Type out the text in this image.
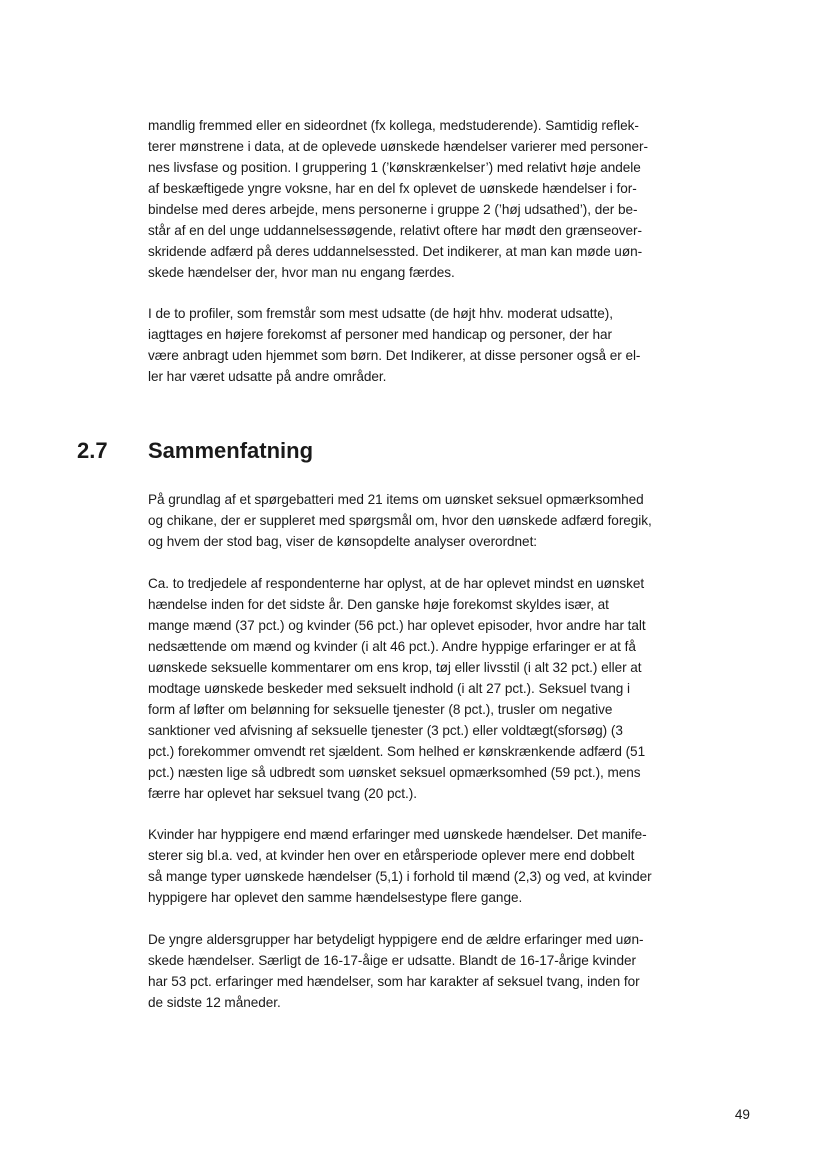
mandlig fremmed eller en sideordnet (fx kollega, medstuderende). Samtidig reflek-
terer mønstrene i data, at de oplevede uønskede hændelser varierer med personer-
nes livsfase og position. I gruppering 1 (’kønskrænkelser’) med relativt høje andele
af beskæftigede yngre voksne, har en del fx oplevet de uønskede hændelser i for-
bindelse med deres arbejde, mens personerne i gruppe 2 (’høj udsathed’), der be-
står af en del unge uddannelsessøgende, relativt oftere har mødt den grænseover-
skridende adfærd på deres uddannelsessted. Det indikerer, at man kan møde uøn-
skede hændelser der, hvor man nu engang færdes.

I de to profiler, som fremstår som mest udsatte (de højt hhv. moderat udsatte),
iagttages en højere forekomst af personer med handicap og personer, der har
være anbragt uden hjemmet som børn. Det Indikerer, at disse personer også er el-
ler har været udsatte på andre områder.

2.7 Sammenfatning

På grundlag af et spørgebatteri med 21 items om uønsket seksuel opmærksomhed
og chikane, der er suppleret med spørgsmål om, hvor den uønskede adfærd foregik,
og hvem der stod bag, viser de kønsopdelte analyser overordnet:

Ca. to tredjedele af respondenterne har oplyst, at de har oplevet mindst en uønsket
hændelse inden for det sidste år. Den ganske høje forekomst skyldes især, at
mange mænd (37 pct.) og kvinder (56 pct.) har oplevet episoder, hvor andre har talt
nedsættende om mænd og kvinder (i alt 46 pct.). Andre hyppige erfaringer er at få
uønskede seksuelle kommentarer om ens krop, tøj eller livsstil (i alt 32 pct.) eller at
modtage uønskede beskeder med seksuelt indhold (i alt 27 pct.). Seksuel tvang i
form af løfter om belønning for seksuelle tjenester (8 pct.), trusler om negative
sanktioner ved afvisning af seksuelle tjenester (3 pct.) eller voldtægt(sforsøg) (3
pct.) forekommer omvendt ret sjældent. Som helhed er kønskrænkende adfærd (51
pct.) næsten lige så udbredt som uønsket seksuel opmærksomhed (59 pct.), mens
færre har oplevet har seksuel tvang (20 pct.).

Kvinder har hyppigere end mænd erfaringer med uønskede hændelser. Det manife-
sterer sig bl.a. ved, at kvinder hen over en etårsperiode oplever mere end dobbelt
så mange typer uønskede hændelser (5,1) i forhold til mænd (2,3) og ved, at kvinder
hyppigere har oplevet den samme hændelsestype flere gange.

De yngre aldersgrupper har betydeligt hyppigere end de ældre erfaringer med uøn-
skede hændelser. Særligt de 16-17-åige er udsatte. Blandt de 16-17-årige kvinder
har 53 pct. erfaringer med hændelser, som har karakter af seksuel tvang, inden for
de sidste 12 måneder.

49
